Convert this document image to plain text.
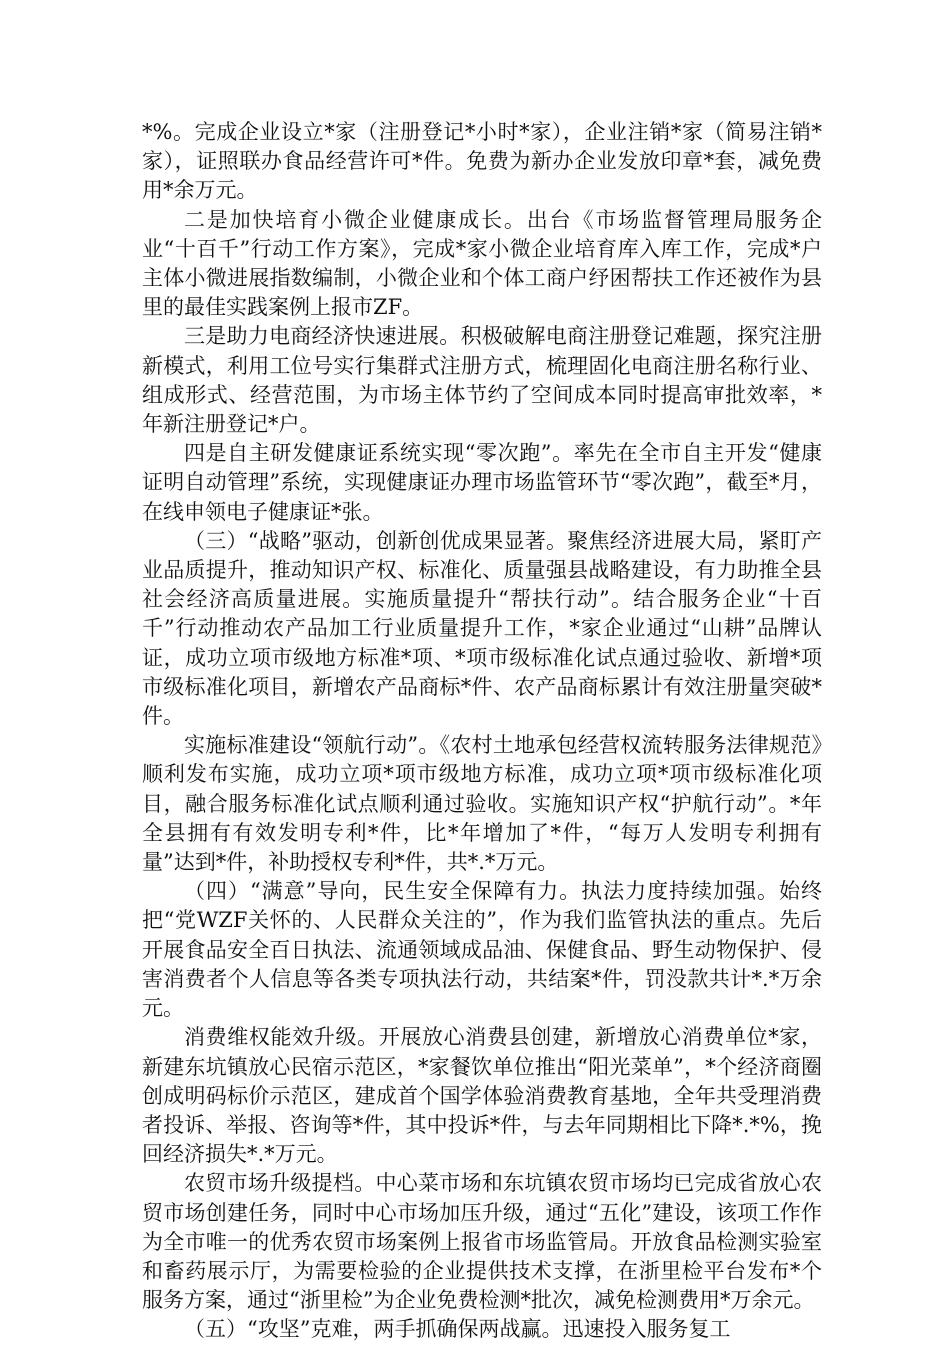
*%。完成企业设立*家（注册登记*小时*家），企业注销*家（简易注销*家），证照联办食品经营许可*件。免费为新办企业发放印章*套，减免费用*余万元。

二是加快培育小微企业健康成长。出台《市场监督管理局服务企业“十百千”行动工作方案》，完成*家小微企业培育库入库工作，完成*户主体小微进展指数编制，小微企业和个体工商户纾困帮扶工作还被作为县里的最佳实践案例上报市ZF。

三是助力电商经济快速进展。积极破解电商注册登记难题，探究注册新模式，利用工位号实行集群式注册方式，梳理固化电商注册名称行业、组成形式、经营范围，为市场主体节约了空间成本同时提高审批效率，*年新注册登记*户。

四是自主研发健康证系统实现“零次跑”。率先在全市自主开发“健康证明自动管理”系统，实现健康证办理市场监管环节“零次跑”，截至*月，在线申领电子健康证*张。

（三）“战略”驱动，创新创优成果显著。聚焦经济进展大局，紧盯产业品质提升，推动知识产权、标准化、质量强县战略建设，有力助推全县社会经济高质量进展。实施质量提升“帮扶行动”。结合服务企业“十百千”行动推动农产品加工行业质量提升工作，*家企业通过“山耕”品牌认证，成功立项市级地方标准*项、*项市级标准化试点通过验收、新增*项市级标准化项目，新增农产品商标*件、农产品商标累计有效注册量突破*件。

实施标准建设“领航行动”。《农村土地承包经营权流转服务法律规范》顺利发布实施，成功立项*项市级地方标准，成功立项*项市级标准化项目，融合服务标准化试点顺利通过验收。实施知识产权“护航行动”。*年全县拥有有效发明专利*件，比*年增加了*件，“每万人发明专利拥有量”达到*件，补助授权专利*件，共*.*万元。

（四）“满意”导向，民生安全保障有力。执法力度持续加强。始终把“党WZF关怀的、人民群众关注的”，作为我们监管执法的重点。先后开展食品安全百日执法、流通领域成品油、保健食品、野生动物保护、侵害消费者个人信息等各类专项执法行动，共结案*件，罚没款共计*.*万余元。

消费维权能效升级。开展放心消费县创建，新增放心消费单位*家，新建东坑镇放心民宿示范区，*家餐饮单位推出“阳光菜单”，*个经济商圈创成明码标价示范区，建成首个国学体验消费教育基地，全年共受理消费者投诉、举报、咨询等*件，其中投诉*件，与去年同期相比下降*.*%，挽回经济损失*.*万元。

农贸市场升级提档。中心菜市场和东坑镇农贸市场均已完成省放心农贸市场创建任务，同时中心市场加压升级，通过“五化”建设，该项工作作为全市唯一的优秀农贸市场案例上报省市场监管局。开放食品检测实验室和畜药展示厅，为需要检验的企业提供技术支撑，在浙里检平台发布*个服务方案，通过“浙里检”为企业免费检测*批次，减免检测费用*万余元。

（五）“攻坚”克难，两手抓确保两战赢。迅速投入服务复工
